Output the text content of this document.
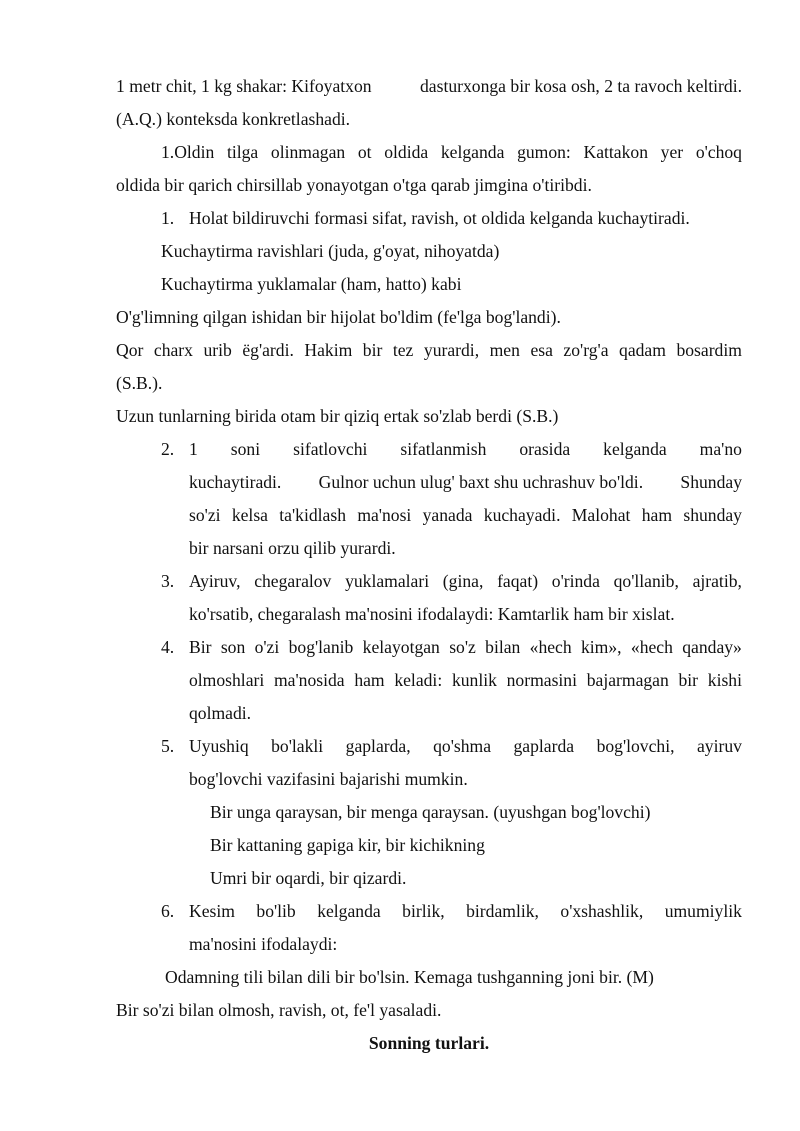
1 metr chit, 1 kg shakar: Kifoyatxon	dasturxonga bir kosa osh, 2 ta ravoch keltirdi.
(A.Q.) konteksda konkretlashadi.
1.Oldin tilga olinmagan ot oldida kelganda gumon: Kattakon yer o'choq
oldida bir qarich chirsillab yonayotgan o'tga qarab jimgina o'tiribdi.
1. Holat bildiruvchi formasi sifat, ravish, ot oldida kelganda kuchaytiradi.
Kuchaytirma ravishlari (juda, g'oyat, nihoyatda)
Kuchaytirma yuklamalar (ham, hatto) kabi
O'g'limning qilgan ishidan bir hijolat bo'ldim (fe'lga bog'landi).
Qor charx urib ёg'ardi. Hakim bir tez yurardi, men esa zo'rg'a qadam bosardim
(S.B.).
Uzun tunlarning birida otam bir qiziq ertak so'zlab berdi (S.B.)
2. 1 soni sifatlovchi sifatlanmish orasida kelganda ma'no
kuchaytiradi. Gulnor uchun ulug' baxt shu uchrashuv bo'ldi. Shunday
so'zi kelsa ta'kidlash ma'nosi yanada kuchayadi. Malohat ham shunday
bir narsani orzu qilib yurardi.
3. Ayiruv, chegaralov yuklamalari (gina, faqat) o'rinda qo'llanib, ajratib,
ko'rsatib, chegaralash ma'nosini ifodalaydi: Kamtarlik ham bir xislat.
4. Bir son o'zi bog'lanib kelayotgan so'z bilan «hech kim», «hech qanday»
olmoshlari ma'nosida ham keladi: kunlik normasini bajarmagan bir kishi
qolmadi.
5. Uyushiq bo'lakli gaplarda, qo'shma gaplarda bog'lovchi, ayiruv
bog'lovchi vazifasini bajarishi mumkin.
Bir unga qaraysan, bir menga qaraysan. (uyushgan bog'lovchi)
Bir kattaning gapiga kir, bir kichikning
Umri bir oqardi, bir qizardi.
6. Kesim bo'lib kelganda birlik, birdamlik, o'xshashlik, umumiylik
ma'nosini ifodalaydi:
Odamning tili bilan dili bir bo'lsin. Kemaga tushganning joni bir. (M)
Bir so'zi bilan olmosh, ravish, ot, fe'l yasaladi.
Sonning turlari.
